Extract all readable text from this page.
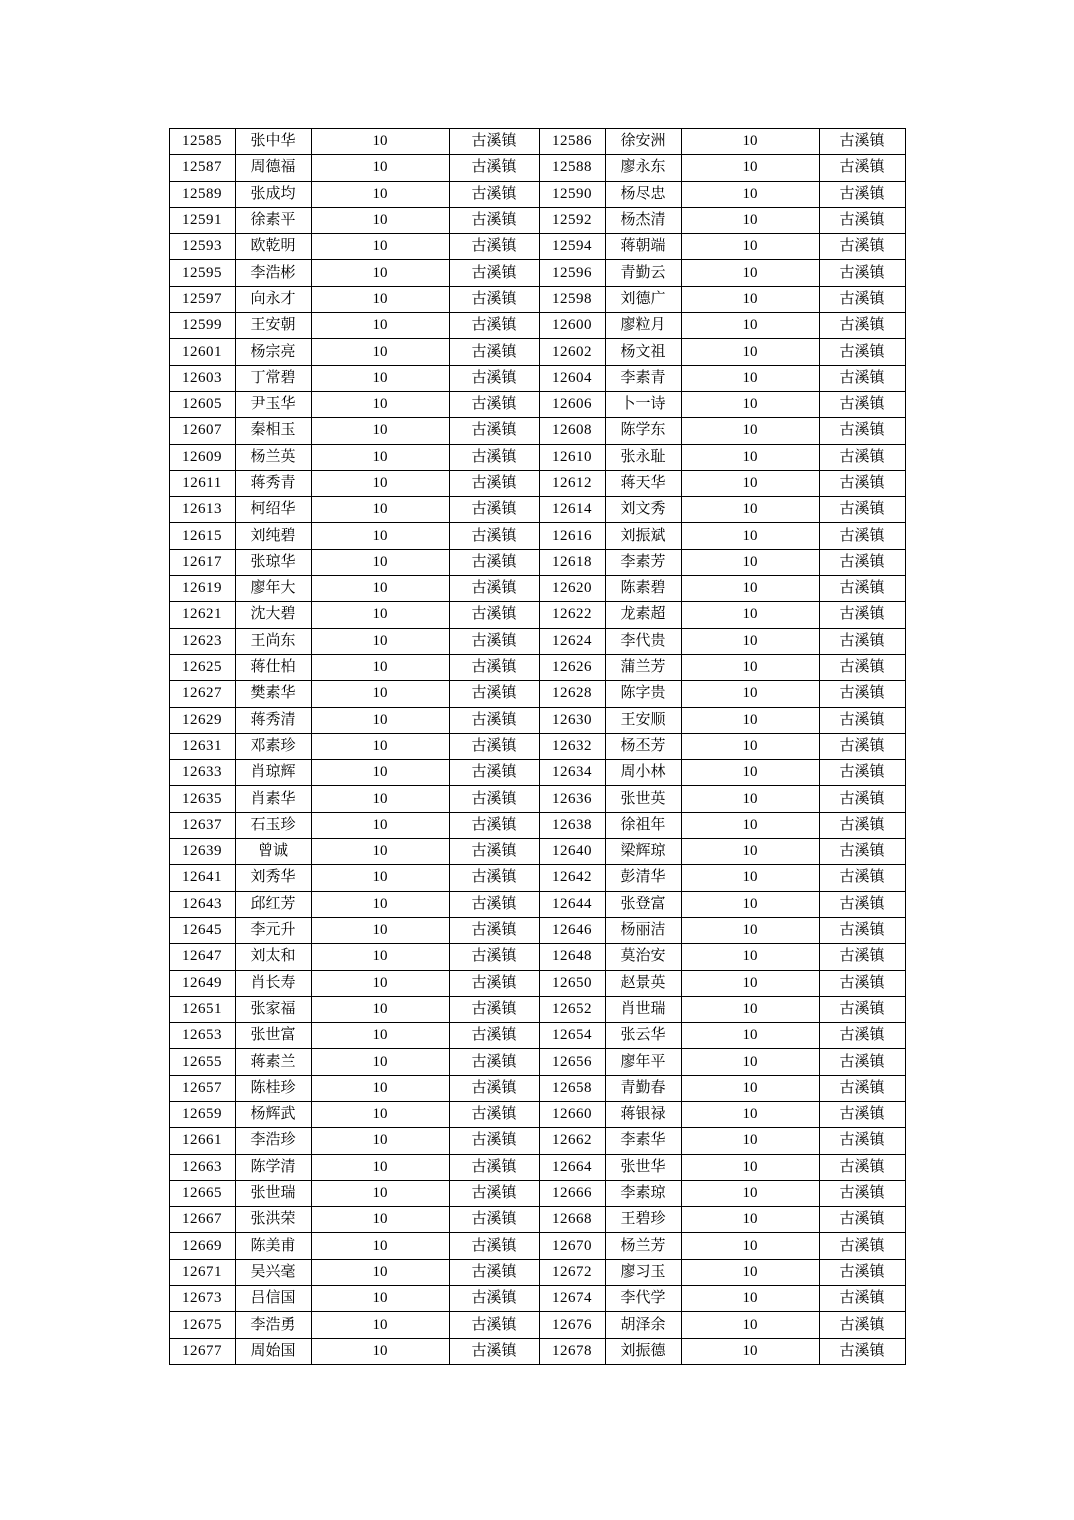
12585	张中华	10	古溪镇	12586	徐安洲	10	古溪镇
12587	周德福	10	古溪镇	12588	廖永东	10	古溪镇
12589	张成均	10	古溪镇	12590	杨尽忠	10	古溪镇
12591	徐素平	10	古溪镇	12592	杨杰清	10	古溪镇
12593	欧乾明	10	古溪镇	12594	蒋朝端	10	古溪镇
12595	李浩彬	10	古溪镇	12596	青勤云	10	古溪镇
12597	向永才	10	古溪镇	12598	刘德广	10	古溪镇
12599	王安朝	10	古溪镇	12600	廖粒月	10	古溪镇
12601	杨宗亮	10	古溪镇	12602	杨文祖	10	古溪镇
12603	丁常碧	10	古溪镇	12604	李素青	10	古溪镇
12605	尹玉华	10	古溪镇	12606	卜一诗	10	古溪镇
12607	秦相玉	10	古溪镇	12608	陈学东	10	古溪镇
12609	杨兰英	10	古溪镇	12610	张永耻	10	古溪镇
12611	蒋秀青	10	古溪镇	12612	蒋天华	10	古溪镇
12613	柯绍华	10	古溪镇	12614	刘文秀	10	古溪镇
12615	刘纯碧	10	古溪镇	12616	刘振斌	10	古溪镇
12617	张琼华	10	古溪镇	12618	李素芳	10	古溪镇
12619	廖年大	10	古溪镇	12620	陈素碧	10	古溪镇
12621	沈大碧	10	古溪镇	12622	龙素超	10	古溪镇
12623	王尚东	10	古溪镇	12624	李代贵	10	古溪镇
12625	蒋仕柏	10	古溪镇	12626	蒲兰芳	10	古溪镇
12627	樊素华	10	古溪镇	12628	陈字贵	10	古溪镇
12629	蒋秀清	10	古溪镇	12630	王安顺	10	古溪镇
12631	邓素珍	10	古溪镇	12632	杨丕芳	10	古溪镇
12633	肖琼辉	10	古溪镇	12634	周小林	10	古溪镇
12635	肖素华	10	古溪镇	12636	张世英	10	古溪镇
12637	石玉珍	10	古溪镇	12638	徐祖年	10	古溪镇
12639	曾诚	10	古溪镇	12640	梁辉琼	10	古溪镇
12641	刘秀华	10	古溪镇	12642	彭清华	10	古溪镇
12643	邱红芳	10	古溪镇	12644	张登富	10	古溪镇
12645	李元升	10	古溪镇	12646	杨丽洁	10	古溪镇
12647	刘太和	10	古溪镇	12648	莫治安	10	古溪镇
12649	肖长寿	10	古溪镇	12650	赵景英	10	古溪镇
12651	张家福	10	古溪镇	12652	肖世瑞	10	古溪镇
12653	张世富	10	古溪镇	12654	张云华	10	古溪镇
12655	蒋素兰	10	古溪镇	12656	廖年平	10	古溪镇
12657	陈桂珍	10	古溪镇	12658	青勤春	10	古溪镇
12659	杨辉武	10	古溪镇	12660	蒋银禄	10	古溪镇
12661	李浩珍	10	古溪镇	12662	李素华	10	古溪镇
12663	陈学清	10	古溪镇	12664	张世华	10	古溪镇
12665	张世瑞	10	古溪镇	12666	李素琼	10	古溪镇
12667	张洪荣	10	古溪镇	12668	王碧珍	10	古溪镇
12669	陈美甫	10	古溪镇	12670	杨兰芳	10	古溪镇
12671	吴兴毫	10	古溪镇	12672	廖习玉	10	古溪镇
12673	吕信国	10	古溪镇	12674	李代学	10	古溪镇
12675	李浩勇	10	古溪镇	12676	胡泽余	10	古溪镇
12677	周始国	10	古溪镇	12678	刘振德	10	古溪镇
